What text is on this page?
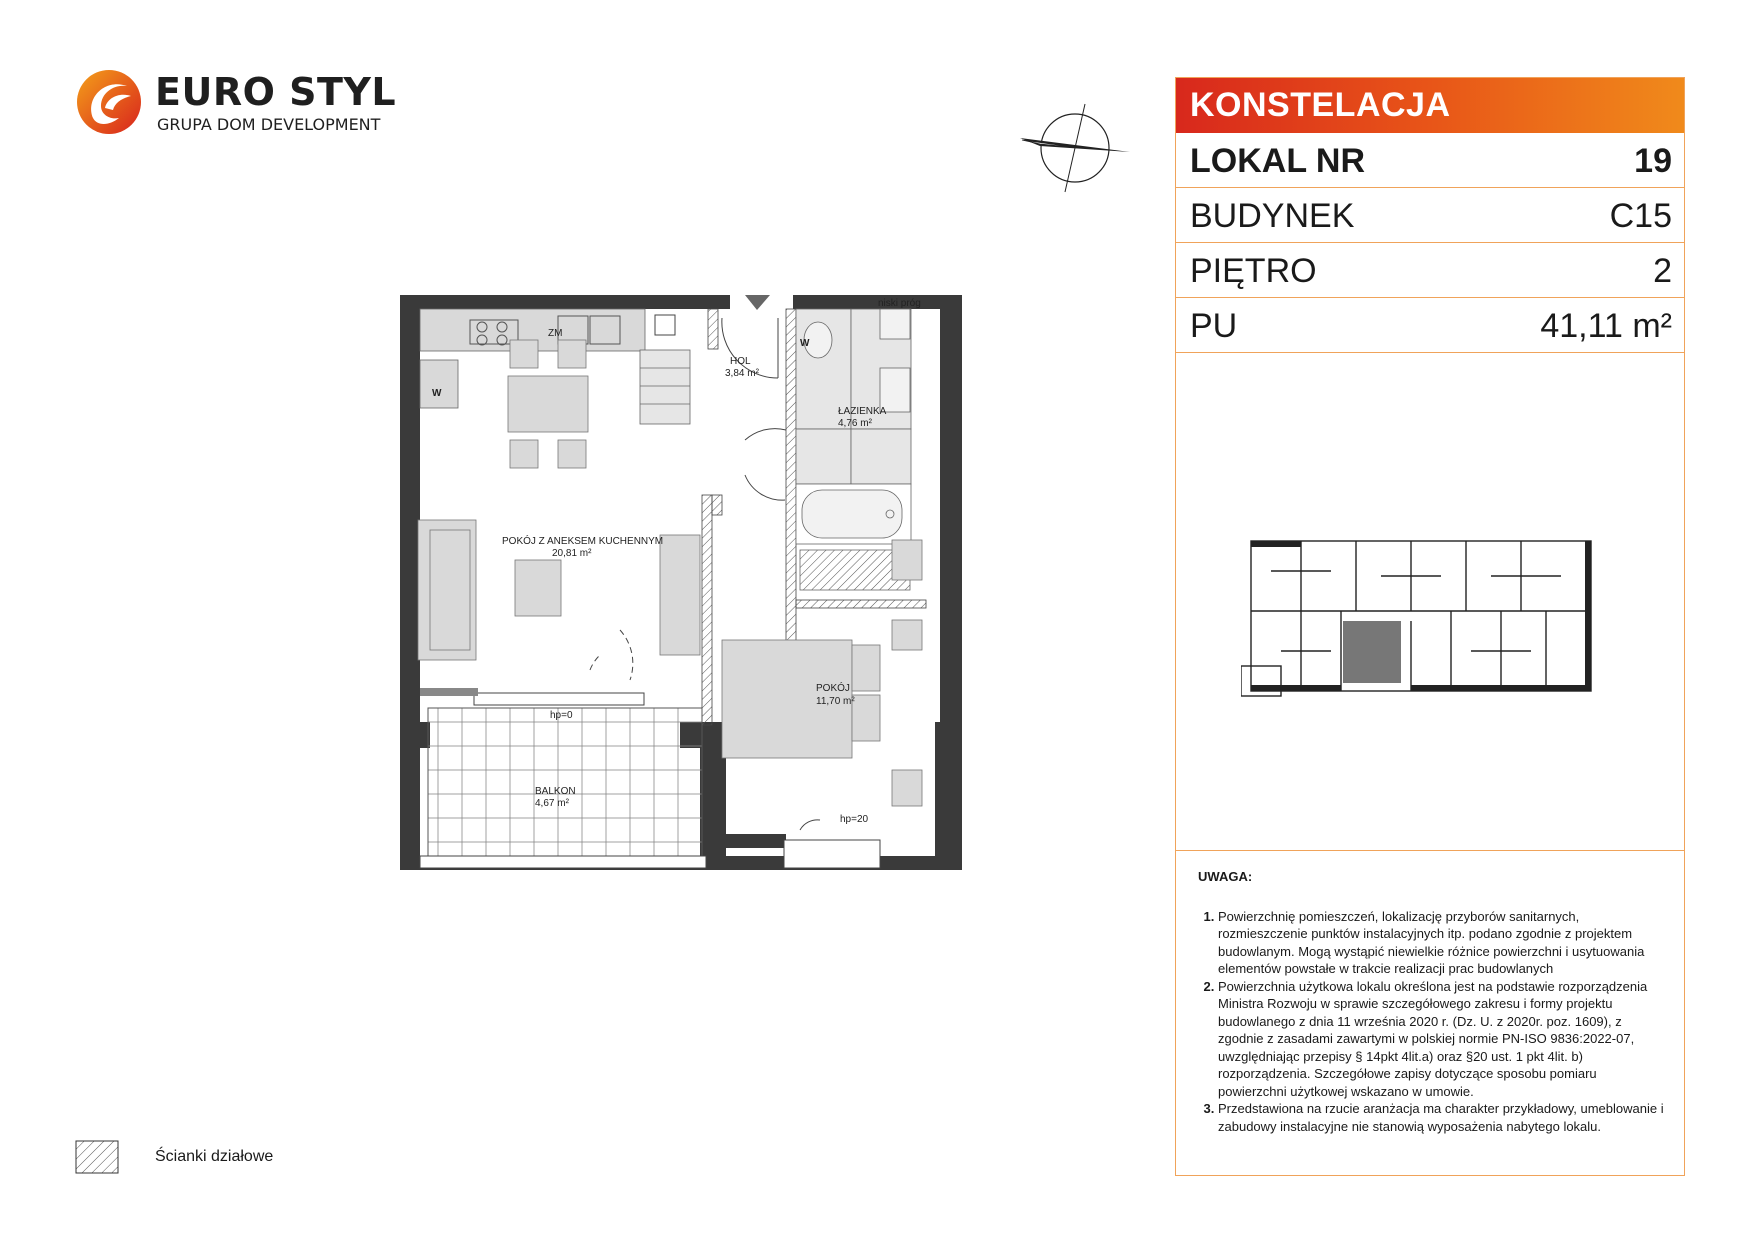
EURO STYL
GRUPA DOM DEVELOPMENT
ZM
W
W
niski próg
HOL
3,84 m²
ŁAZIENKA
4,76 m²
POKÓJ Z ANEKSEM KUCHENNYM
20,81 m²
POKÓJ
11,70 m²
BALKON
4,67 m²
hp=0
hp=20
KONSTELACJA
LOKAL NR	19
BUDYNEK	C15
PIĘTRO	2
PU	41,11 m²
UWAGA:
1. Powierzchnię pomieszczeń, lokalizację przyborów sanitarnych, rozmieszczenie punktów instalacyjnych itp. podano zgodnie z projektem budowlanym. Mogą wystąpić niewielkie różnice powierzchni i usytuowania elementów powstałe w trakcie realizacji prac budowlanych
2. Powierzchnia użytkowa lokalu określona jest na podstawie rozporządzenia Ministra Rozwoju w sprawie szczegółowego zakresu i formy projektu budowlanego z dnia 11 września 2020 r. (Dz. U. z 2020r. poz. 1609), z zgodnie z zasadami zawartymi w polskiej normie PN-ISO 9836:2022-07, uwzględniając przepisy § 14pkt 4lit.a) oraz §20 ust. 1 pkt 4lit. b) rozporządzenia. Szczegółowe zapisy dotyczące sposobu pomiaru powierzchni użytkowej wskazano w umowie.
3. Przedstawiona na rzucie aranżacja ma charakter przykładowy, umeblowanie i zabudowy instalacyjne nie stanowią wyposażenia nabytego lokalu.
Ścianki działowe
